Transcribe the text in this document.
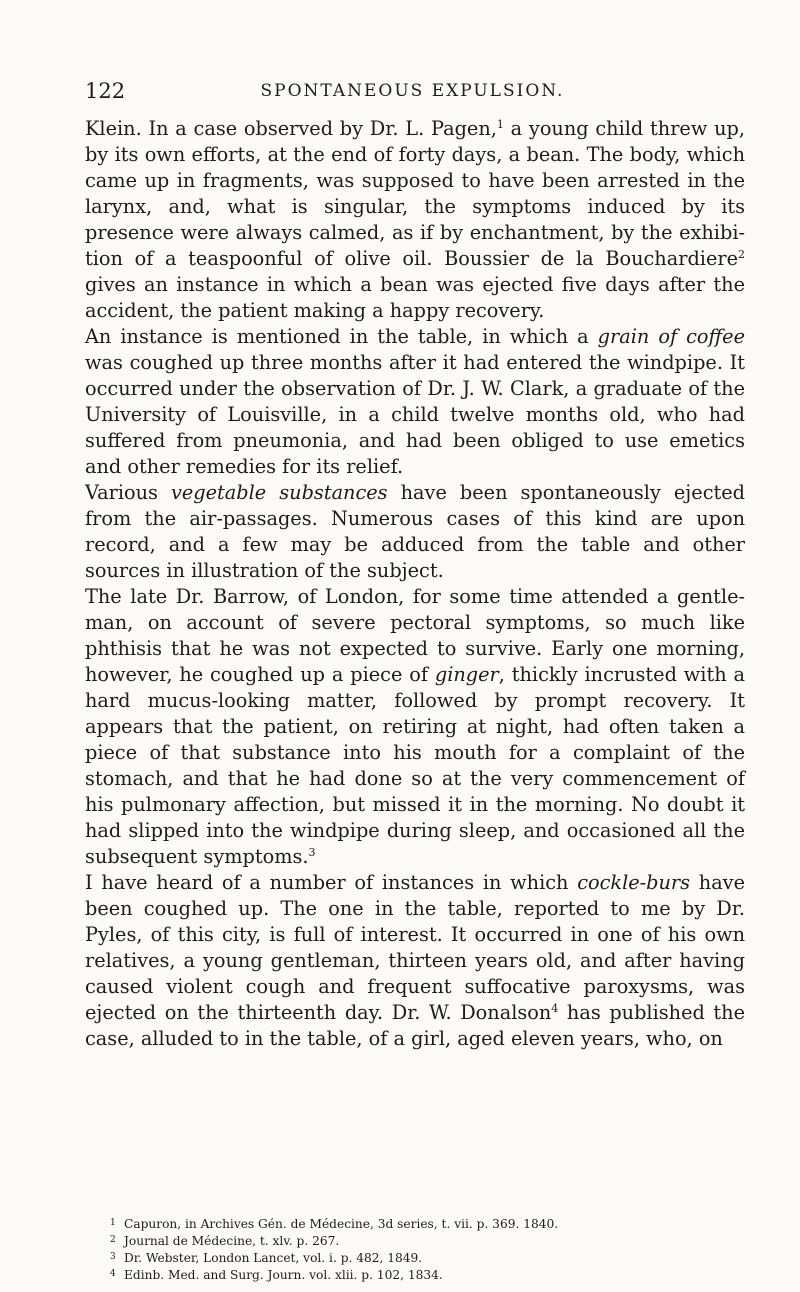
122	SPONTANEOUS EXPULSION.

Klein. In a case observed by Dr. L. Pagen,$^1$ a young child threw up, by its own efforts, at the end of forty days, a bean. The body, which came up in fragments, was supposed to have been arrested in the larynx, and, what is singular, the symptoms induced by its presence were always calmed, as if by enchantment, by the exhibition of a teaspoonful of olive oil. Boussier de la Bouchardiere$^2$ gives an instance in which a bean was ejected five days after the accident, the patient making a happy recovery.

An instance is mentioned in the table, in which a grain of coffee was coughed up three months after it had entered the windpipe. It occurred under the observation of Dr. J. W. Clark, a graduate of the University of Louisville, in a child twelve months old, who had suffered from pneumonia, and had been obliged to use emetics and other remedies for its relief.

Various vegetable substances have been spontaneously ejected from the air-passages. Numerous cases of this kind are upon record, and a few may be adduced from the table and other sources in illustration of the subject.

The late Dr. Barrow, of London, for some time attended a gentleman, on account of severe pectoral symptoms, so much like phthisis that he was not expected to survive. Early one morning, however, he coughed up a piece of ginger, thickly incrusted with a hard mucus-looking matter, followed by prompt recovery. It appears that the patient, on retiring at night, had often taken a piece of that substance into his mouth for a complaint of the stomach, and that he had done so at the very commencement of his pulmonary affection, but missed it in the morning. No doubt it had slipped into the windpipe during sleep, and occasioned all the subsequent symptoms.$^3$

I have heard of a number of instances in which cockle-burs have been coughed up. The one in the table, reported to me by Dr. Pyles, of this city, is full of interest. It occurred in one of his own relatives, a young gentleman, thirteen years old, and after having caused violent cough and frequent suffocative paroxysms, was ejected on the thirteenth day. Dr. W. Donalson$^4$ has published the case, alluded to in the table, of a girl, aged eleven years, who, on

1 Capuron, in Archives Gén. de Médecine, 3d series, t. vii. p. 369. 1840.
2 Journal de Médecine, t. xlv. p. 267.
3 Dr. Webster, London Lancet, vol. i. p. 482, 1849.
4 Edinb. Med. and Surg. Journ. vol. xlii. p. 102, 1834.
